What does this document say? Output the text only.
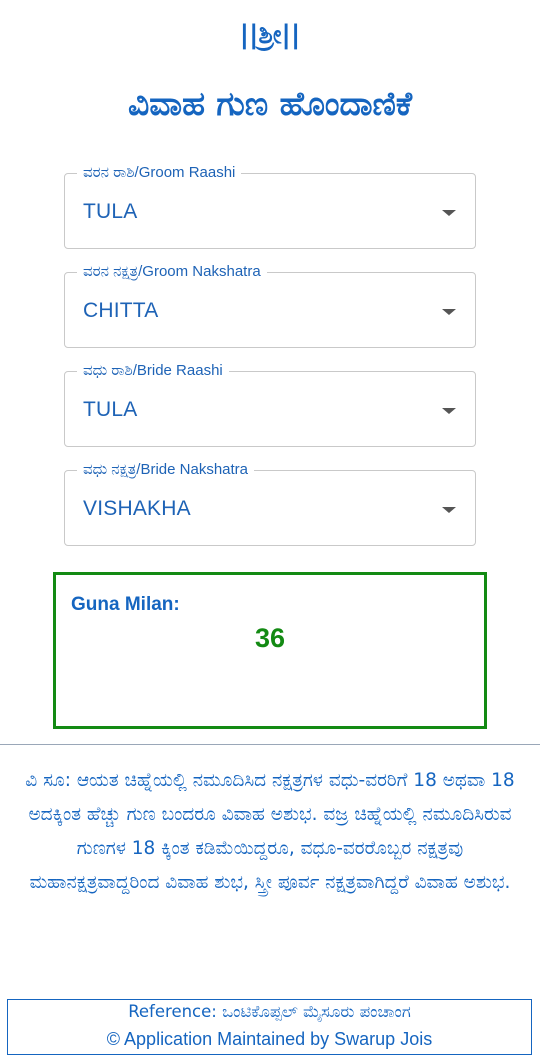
||ಶ್ರೀ||
ವಿವಾಹ ಗುಣ ಹೊಂದಾಣಿಕೆ
ವರನ ರಾಶಿ/Groom Raashi
TULA
ವರನ ನಕ್ಷತ್ರ/Groom Nakshatra
CHITTA
ವಧು ರಾಶಿ/Bride Raashi
TULA
ವಧು ನಕ್ಷತ್ರ/Bride Nakshatra
VISHAKHA
Guna Milan:
36
ವಿ ಸೂ: ಆಯತ ಚಿಹ್ನೆಯಲ್ಲಿ ನಮೂದಿಸಿದ ನಕ್ಷತ್ರಗಳ ವಧು-ವರರಿಗೆ 18 ಅಥವಾ 18 ಅದಕ್ಕಿಂತ ಹೆಚ್ಚು ಗುಣ ಬಂದರೂ ವಿವಾಹ ಅಶುಭ. ವಜ್ರ ಚಿಹ್ನೆಯಲ್ಲಿ ನಮೂದಿಸಿರುವ ಗುಣಗಳ 18 ಕ್ಕಿಂತ ಕಡಿಮೆಯಿದ್ದರೂ, ವಧೂ-ವರರೊಬ್ಬರ ನಕ್ಷತ್ರವು ಮಹಾನಕ್ಷತ್ರವಾದ್ದರಿಂದ ವಿವಾಹ ಶುಭ, ಸ್ತ್ರೀ ಪೂರ್ವ ನಕ್ಷತ್ರವಾಗಿದ್ದರೆ ವಿವಾಹ ಅಶುಭ.
Reference: ಒಂಟಿಕೊಪ್ಪಲ್ ಮೈಸೂರು ಪಂಚಾಂಗ
© Application Maintained by Swarup Jois
